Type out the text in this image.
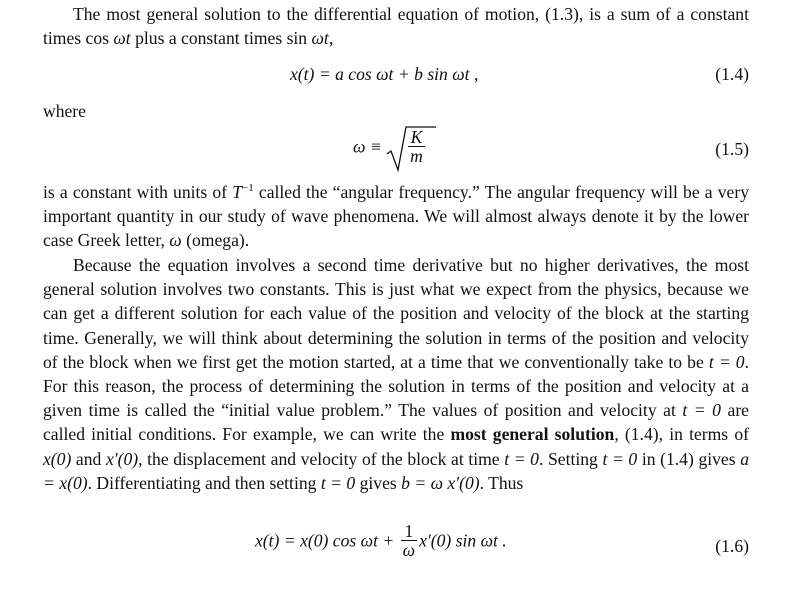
The most general solution to the differential equation of motion, (1.3), is a sum of a constant times cos ωt plus a constant times sin ωt,

x(t) = a cos ωt + b sin ωt ,	(1.4)

where

$\omega \equiv \frac{K}{m}$	(1.5)

is a constant with units of $T^{-1}$ called the “angular frequency.” The angular frequency will be a very important quantity in our study of wave phenomena. We will almost always denote it by the lower case Greek letter, ω (omega).

Because the equation involves a second time derivative but no higher derivatives, the most general solution involves two constants. This is just what we expect from the physics, because we can get a different solution for each value of the position and velocity of the block at the starting time. Generally, we will think about determining the solution in terms of the position and velocity of the block when we first get the motion started, at a time that we conventionally take to be t = 0. For this reason, the process of determining the solution in terms of the position and velocity at a given time is called the “initial value problem.” The values of position and velocity at t = 0 are called initial conditions. For example, we can write the most general solution, (1.4), in terms of x(0) and x′(0), the displacement and velocity of the block at time t = 0. Setting t = 0 in (1.4) gives a = x(0). Differentiating and then setting t = 0 gives b = ω x′(0). Thus

x(t) = x(0) $\cos \omega t + \frac{1}{\omega} x'(0)$ sin ωt .	(1.6)
